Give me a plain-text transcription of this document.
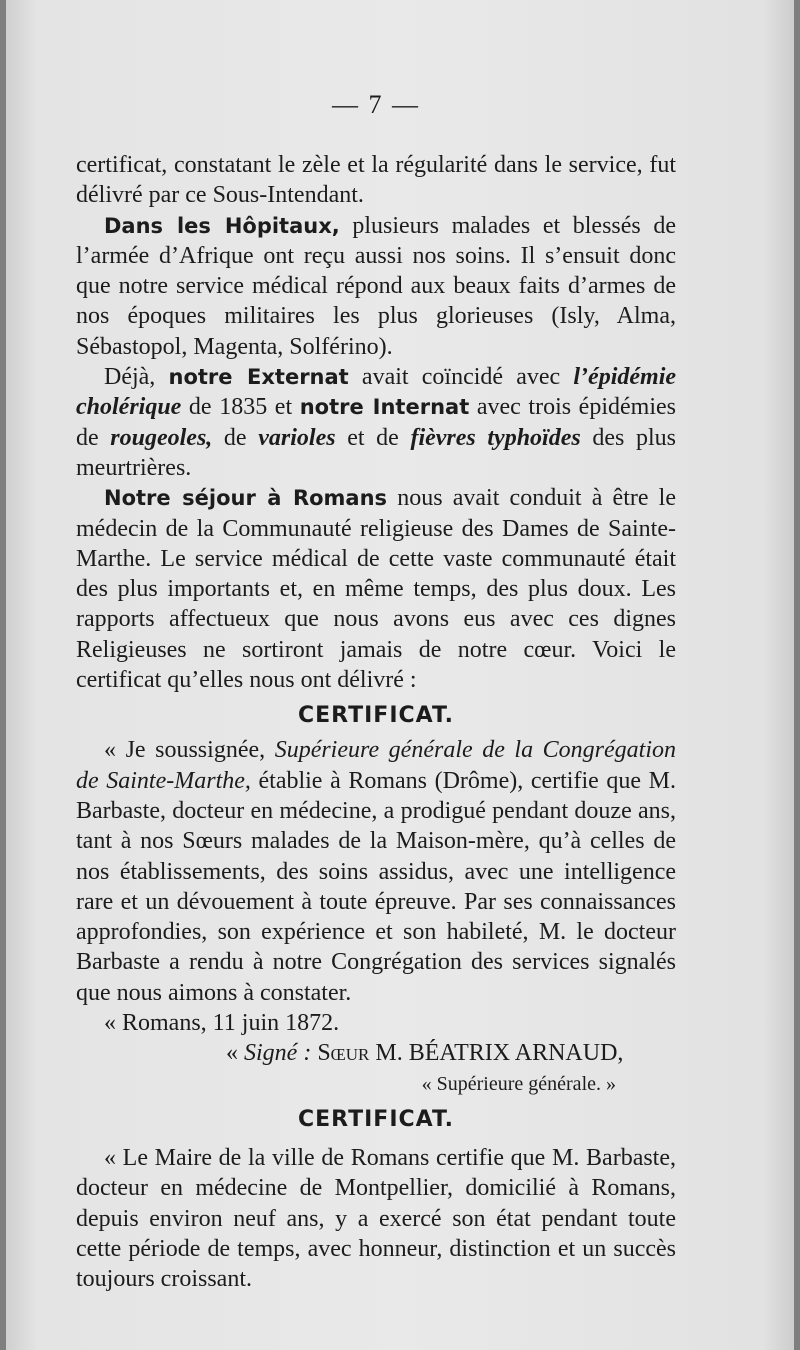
— 7 —

certificat, constatant le zèle et la régularité dans le service, fut délivré par ce Sous-Intendant.

Dans les Hôpitaux, plusieurs malades et blessés de l’armée d’Afrique ont reçu aussi nos soins. Il s’ensuit donc que notre service médical répond aux beaux faits d’armes de nos époques militaires les plus glorieuses (Isly, Alma, Sébastopol, Magenta, Solférino).

Déjà, notre Externat avait coïncidé avec l’épidémie cholérique de 1835 et notre Internat avec trois épidémies de rougeoles, de varioles et de fièvres typhoïdes des plus meurtrières.

Notre séjour à Romans nous avait conduit à être le médecin de la Communauté religieuse des Dames de Sainte-Marthe. Le service médical de cette vaste communauté était des plus importants et, en même temps, des plus doux. Les rapports affectueux que nous avons eus avec ces dignes Religieuses ne sortiront jamais de notre cœur. Voici le certificat qu’elles nous ont délivré :

CERTIFICAT.

« Je soussignée, Supérieure générale de la Congrégation de Sainte-Marthe, établie à Romans (Drôme), certifie que M. Barbaste, docteur en médecine, a prodigué pendant douze ans, tant à nos Sœurs malades de la Maison-mère, qu’à celles de nos établissements, des soins assidus, avec une intelligence rare et un dévouement à toute épreuve. Par ses connaissances approfondies, son expérience et son habileté, M. le docteur Barbaste a rendu à notre Congrégation des services signalés que nous aimons à constater.

« Romans, 11 juin 1872.

« Signé : Sœur M. BÉATRIX ARNAUD,

« Supérieure générale. »

CERTIFICAT.

« Le Maire de la ville de Romans certifie que M. Barbaste, docteur en médecine de Montpellier, domicilié à Romans, depuis environ neuf ans, y a exercé son état pendant toute cette période de temps, avec honneur, distinction et un succès toujours croissant.
